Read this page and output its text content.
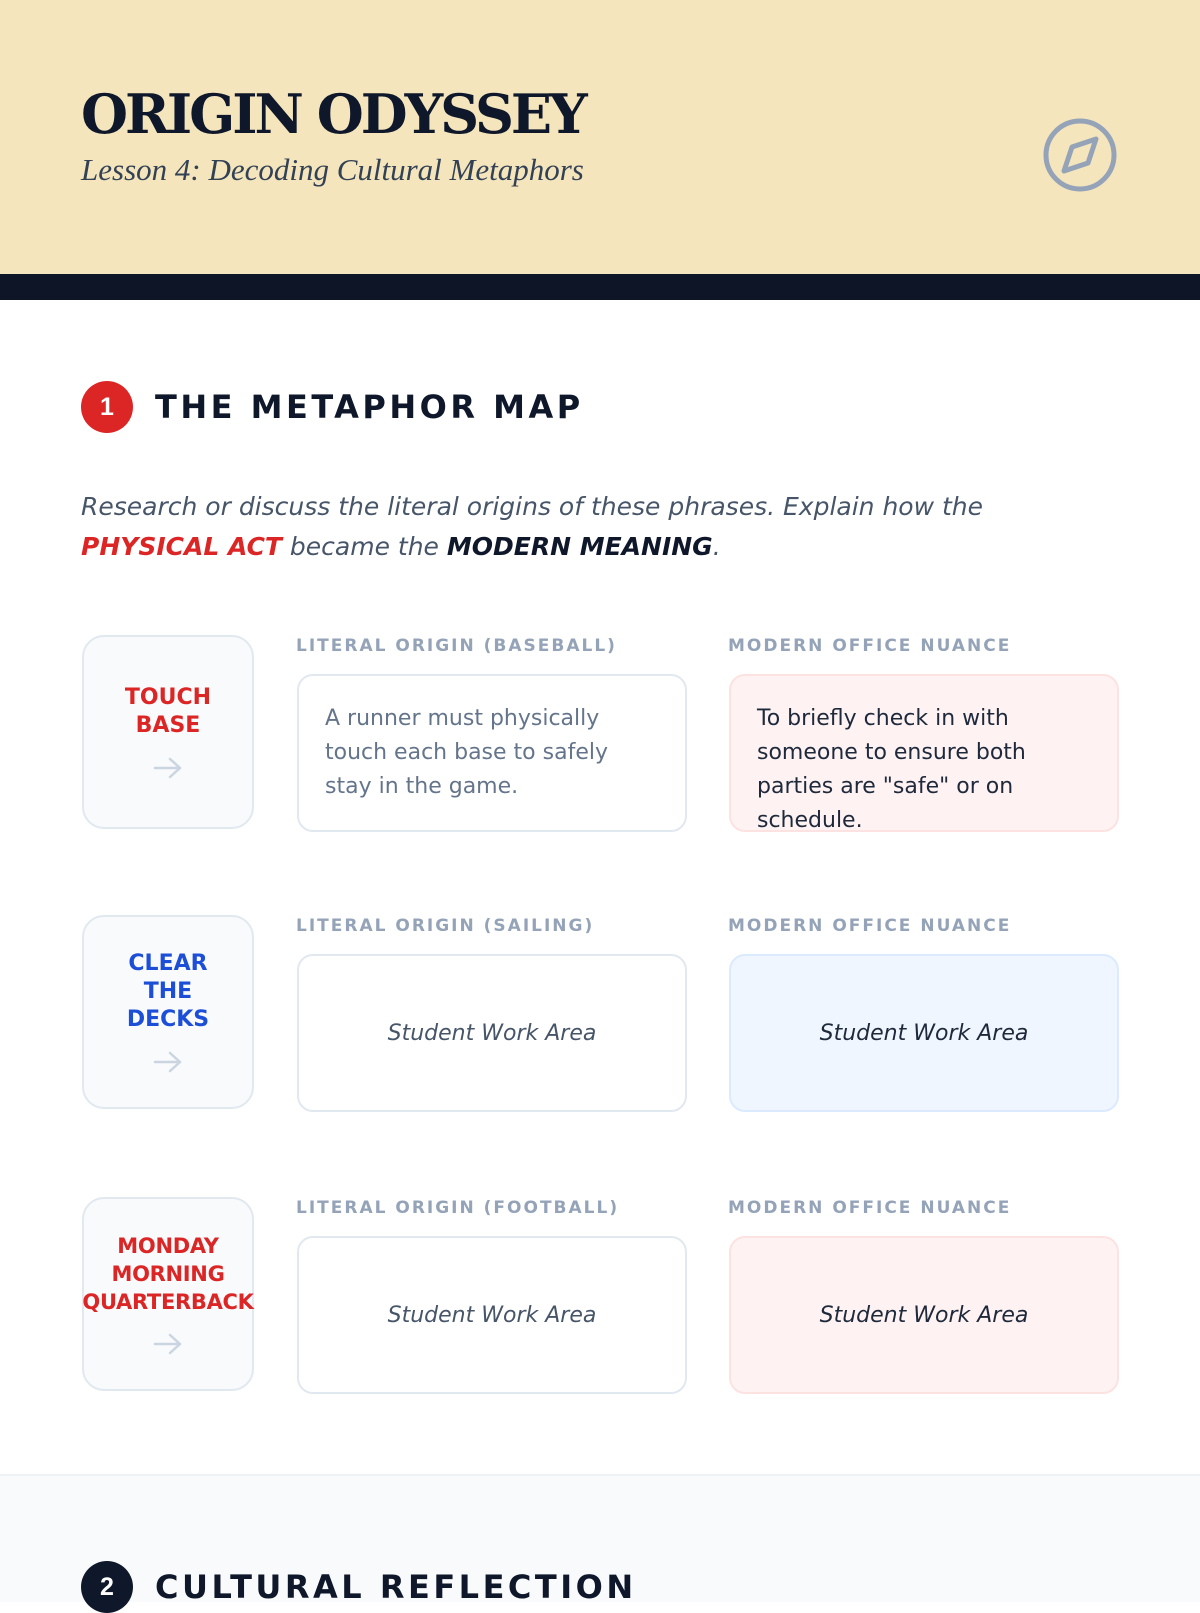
ORIGIN ODYSSEY
Lesson 4: Decoding Cultural Metaphors
1	THE METAPHOR MAP
Research or discuss the literal origins of these phrases. Explain how the PHYSICAL ACT became the MODERN MEANING.
TOUCH
BASE
LITERAL ORIGIN (BASEBALL)
A runner must physically touch each base to safely stay in the game.
MODERN OFFICE NUANCE
To briefly check in with someone to ensure both parties are "safe" or on schedule.
CLEAR
THE
DECKS
LITERAL ORIGIN (SAILING)
Student Work Area
MODERN OFFICE NUANCE
Student Work Area
MONDAY
MORNING
QUARTERBACK
LITERAL ORIGIN (FOOTBALL)
Student Work Area
MODERN OFFICE NUANCE
Student Work Area
2	CULTURAL REFLECTION
